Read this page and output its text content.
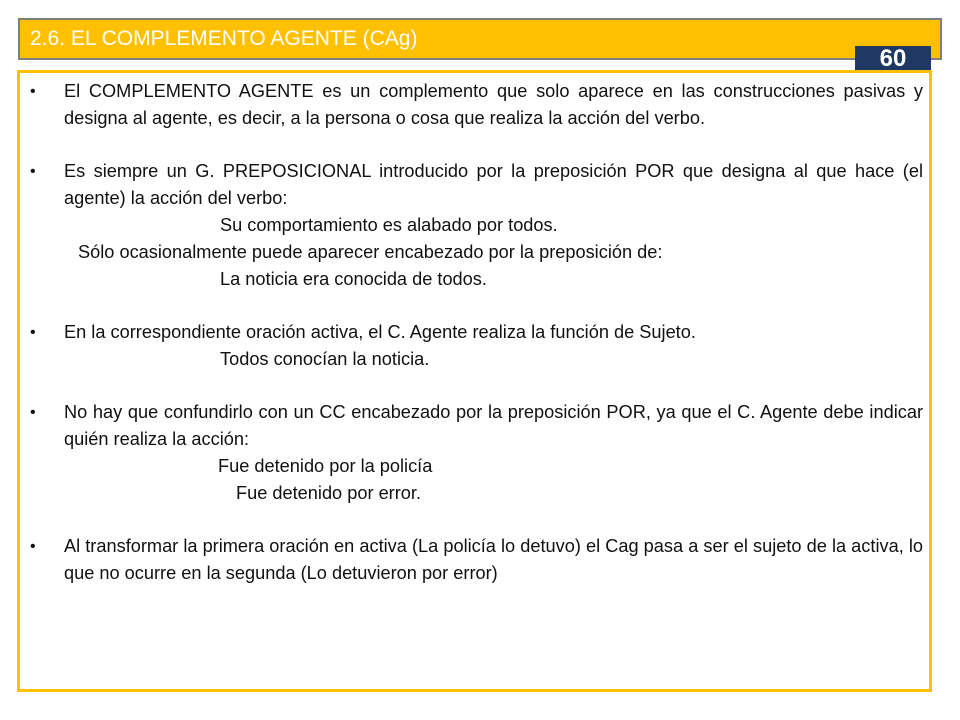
2.6. EL COMPLEMENTO AGENTE (CAg)
60
• El COMPLEMENTO AGENTE es un complemento que solo aparece en las construcciones pasivas y designa al agente, es decir, a la persona o cosa que realiza la acción del verbo.
• Es siempre un G. PREPOSICIONAL introducido por la preposición POR que designa al que hace (el agente) la acción del verbo:
Su comportamiento es alabado por todos.
Sólo ocasionalmente puede aparecer encabezado por la preposición de:
La noticia era conocida de todos.
• En la correspondiente oración activa, el C. Agente realiza la función de Sujeto.
Todos conocían la noticia.
• No hay que confundirlo con un CC encabezado por la preposición POR, ya que el C. Agente debe indicar quién realiza la acción:
Fue detenido por la policía
Fue detenido por error.
• Al transformar la primera oración en activa (La policía lo detuvo) el Cag pasa a ser el sujeto de la activa, lo que no ocurre en la segunda (Lo detuvieron por error)
